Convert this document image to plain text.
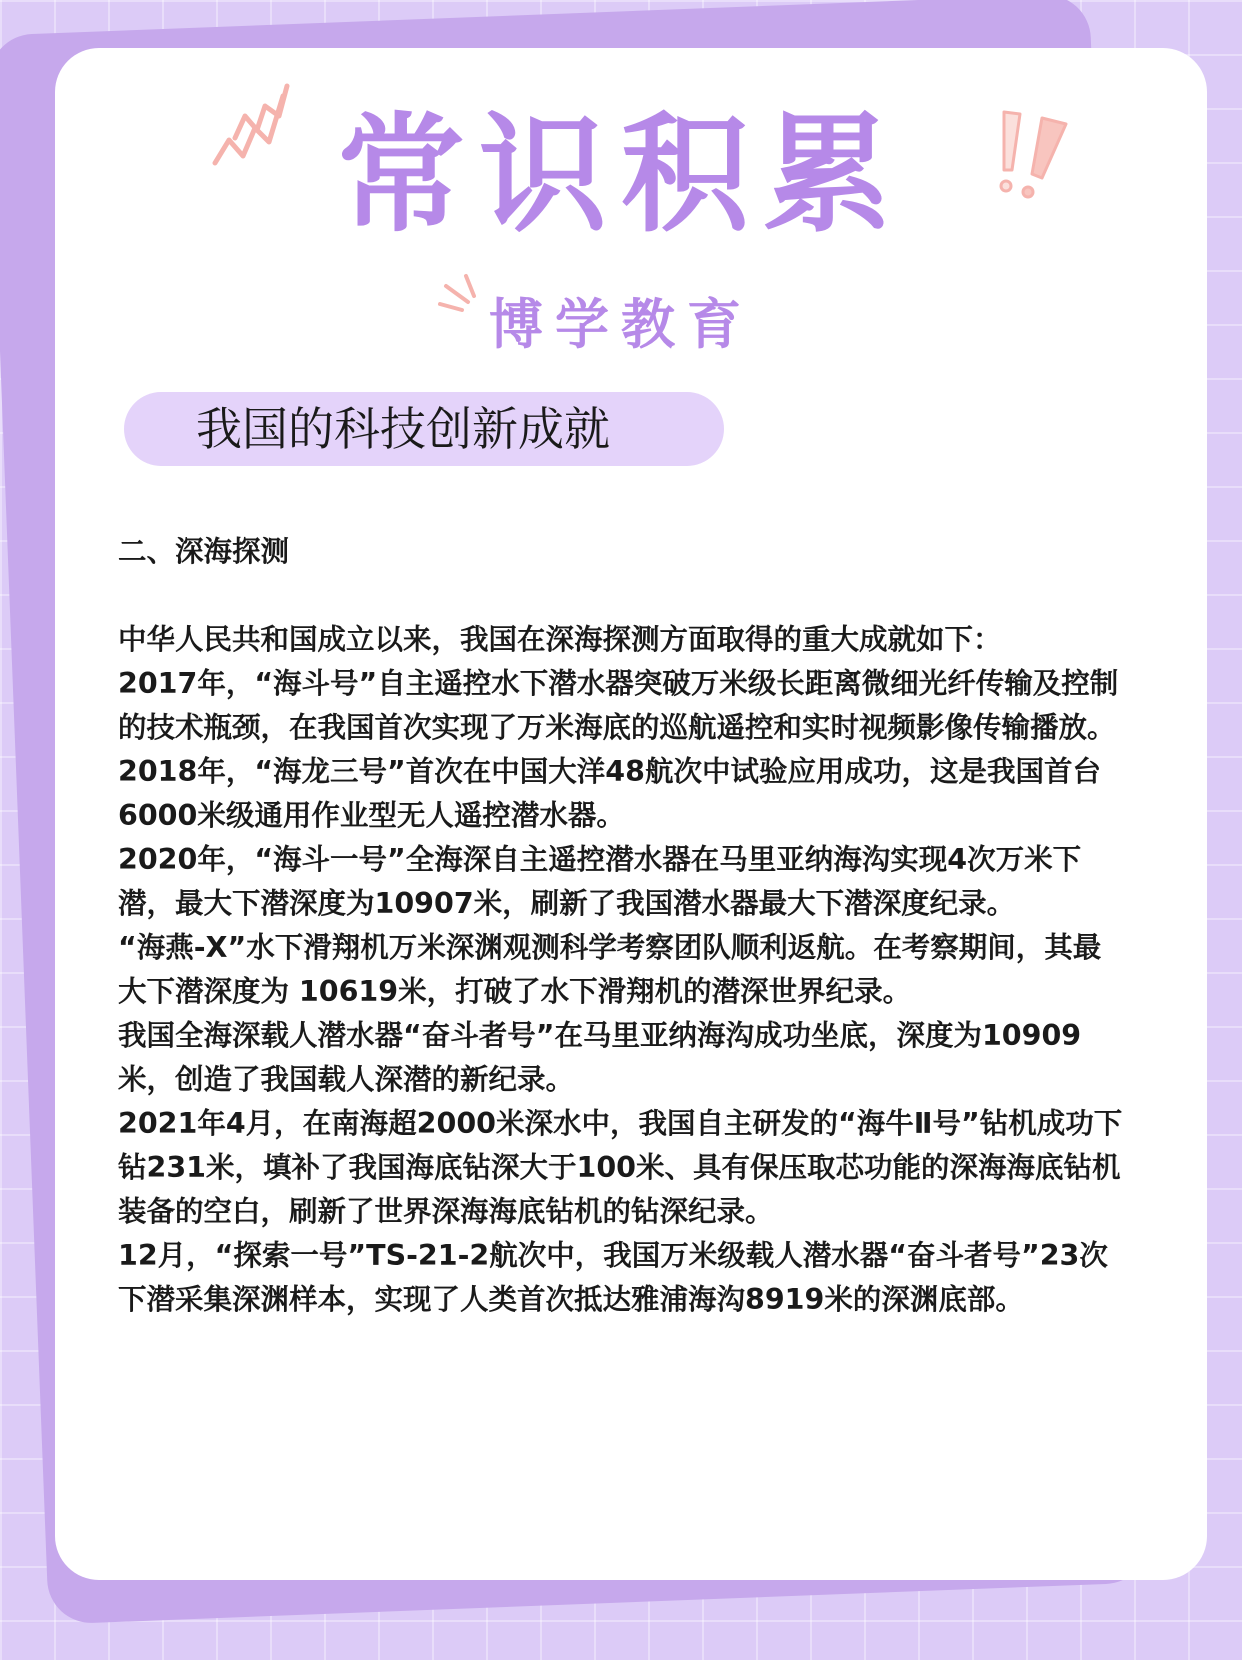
常识积累
博学教育
我国的科技创新成就

二、深海探测

中华人民共和国成立以来，我国在深海探测方面取得的重大成就如下：

2017年，“海斗号”自主遥控水下潜水器突破万米级长距离微细光纤传输及控制的技术瓶颈，在我国首次实现了万米海底的巡航遥控和实时视频影像传输播放。

2018年，“海龙三号”首次在中国大洋48航次中试验应用成功，这是我国首台6000米级通用作业型无人遥控潜水器。

2020年，“海斗一号”全海深自主遥控潜水器在马里亚纳海沟实现4次万米下潜，最大下潜深度为10907米，刷新了我国潜水器最大下潜深度纪录。

“海燕-X”水下滑翔机万米深渊观测科学考察团队顺利返航。在考察期间，其最大下潜深度为 10619米，打破了水下滑翔机的潜深世界纪录。

我国全海深载人潜水器“奋斗者号”在马里亚纳海沟成功坐底，深度为10909米，创造了我国载人深潜的新纪录。

2021年4月，在南海超2000米深水中，我国自主研发的“海牛Ⅱ号”钻机成功下钻231米，填补了我国海底钻深大于100米、具有保压取芯功能的深海海底钻机装备的空白，刷新了世界深海海底钻机的钻深纪录。

12月，“探索一号”TS-21-2航次中，我国万米级载人潜水器“奋斗者号”23次下潜采集深渊样本，实现了人类首次抵达雅浦海沟8919米的深渊底部。
